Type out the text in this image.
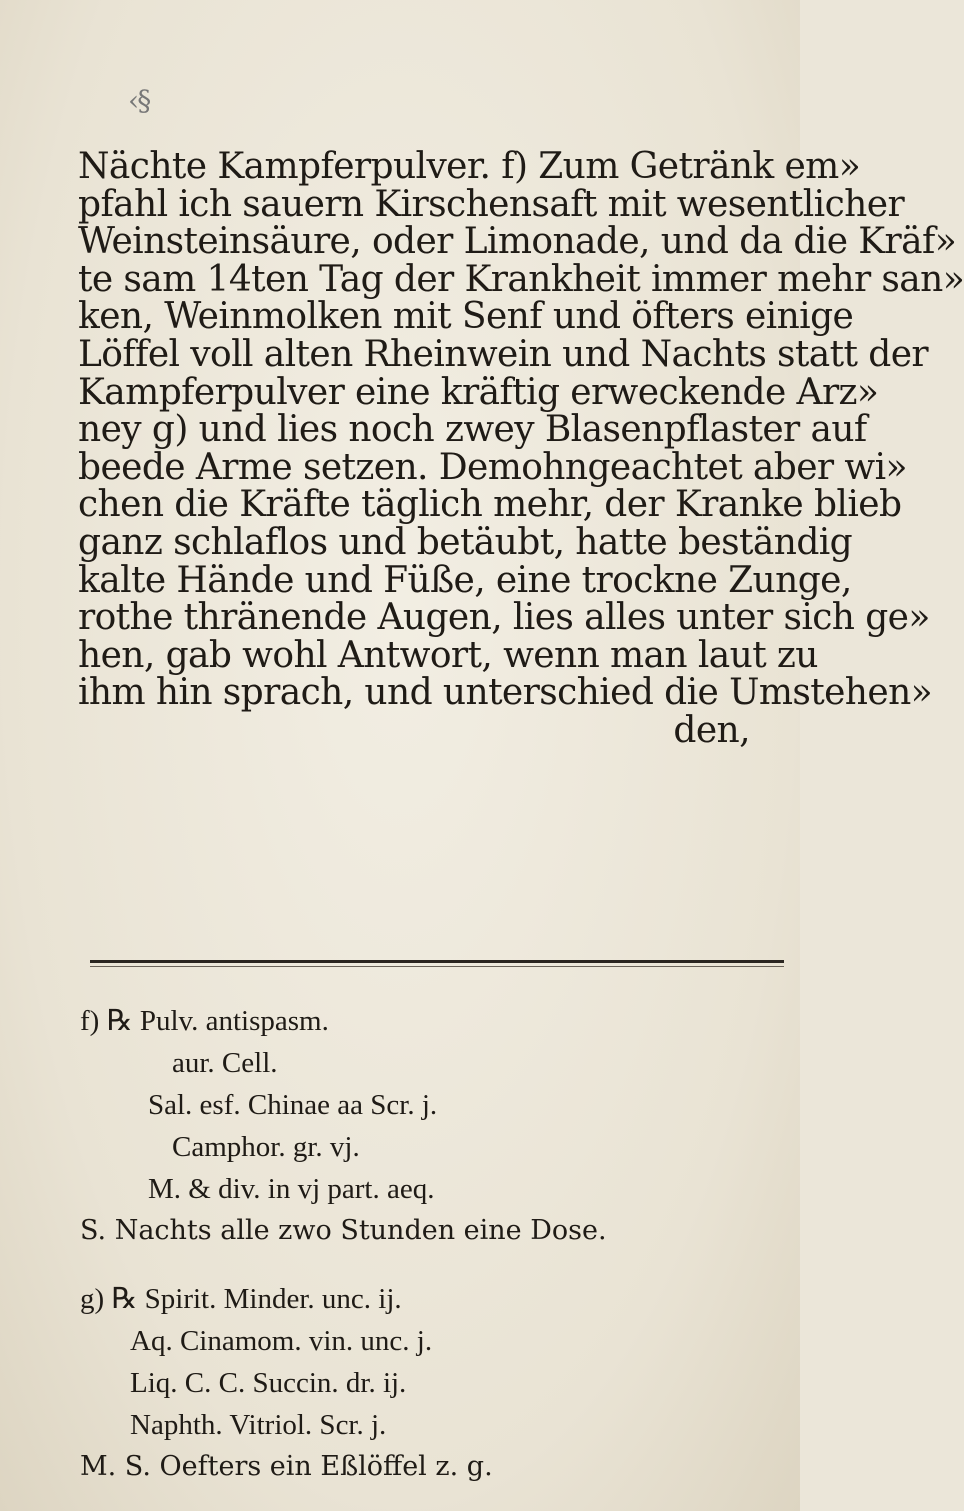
‹§
Nächte Kampferpulver. f) Zum Getränk em»
pfahl ich sauern Kirschensaft mit wesentlicher
Weinsteinsäure, oder Limonade, und da die Kräf»
te sam 14ten Tag der Krankheit immer mehr san»
ken, Weinmolken mit Senf und öfters einige
Löffel voll alten Rheinwein und Nachts statt der
Kampferpulver eine kräftig erweckende Arz»
ney g) und lies noch zwey Blasenpflaster auf
beede Arme setzen. Demohngeachtet aber wi»
chen die Kräfte täglich mehr, der Kranke blieb
ganz schlaflos und betäubt, hatte beständig
kalte Hände und Füße, eine trockne Zunge,
rothe thränende Augen, lies alles unter sich ge»
hen, gab wohl Antwort, wenn man laut zu
ihm hin sprach, und unterschied die Umstehen»
den,
f) ℞ Pulv. antispasm.
aur. Cell.
Sal. esf. Chinae aa Scr. j.
Camphor. gr. vj.
M. & div. in vj part. aeq.
S. Nachts alle zwo Stunden eine Dose.
g) ℞ Spirit. Minder. unc. ij.
Aq. Cinamom. vin. unc. j.
Liq. C. C. Succin. dr. ij.
Naphth. Vitriol. Scr. j.
M. S. Oefters ein Eßlöffel z. g.
